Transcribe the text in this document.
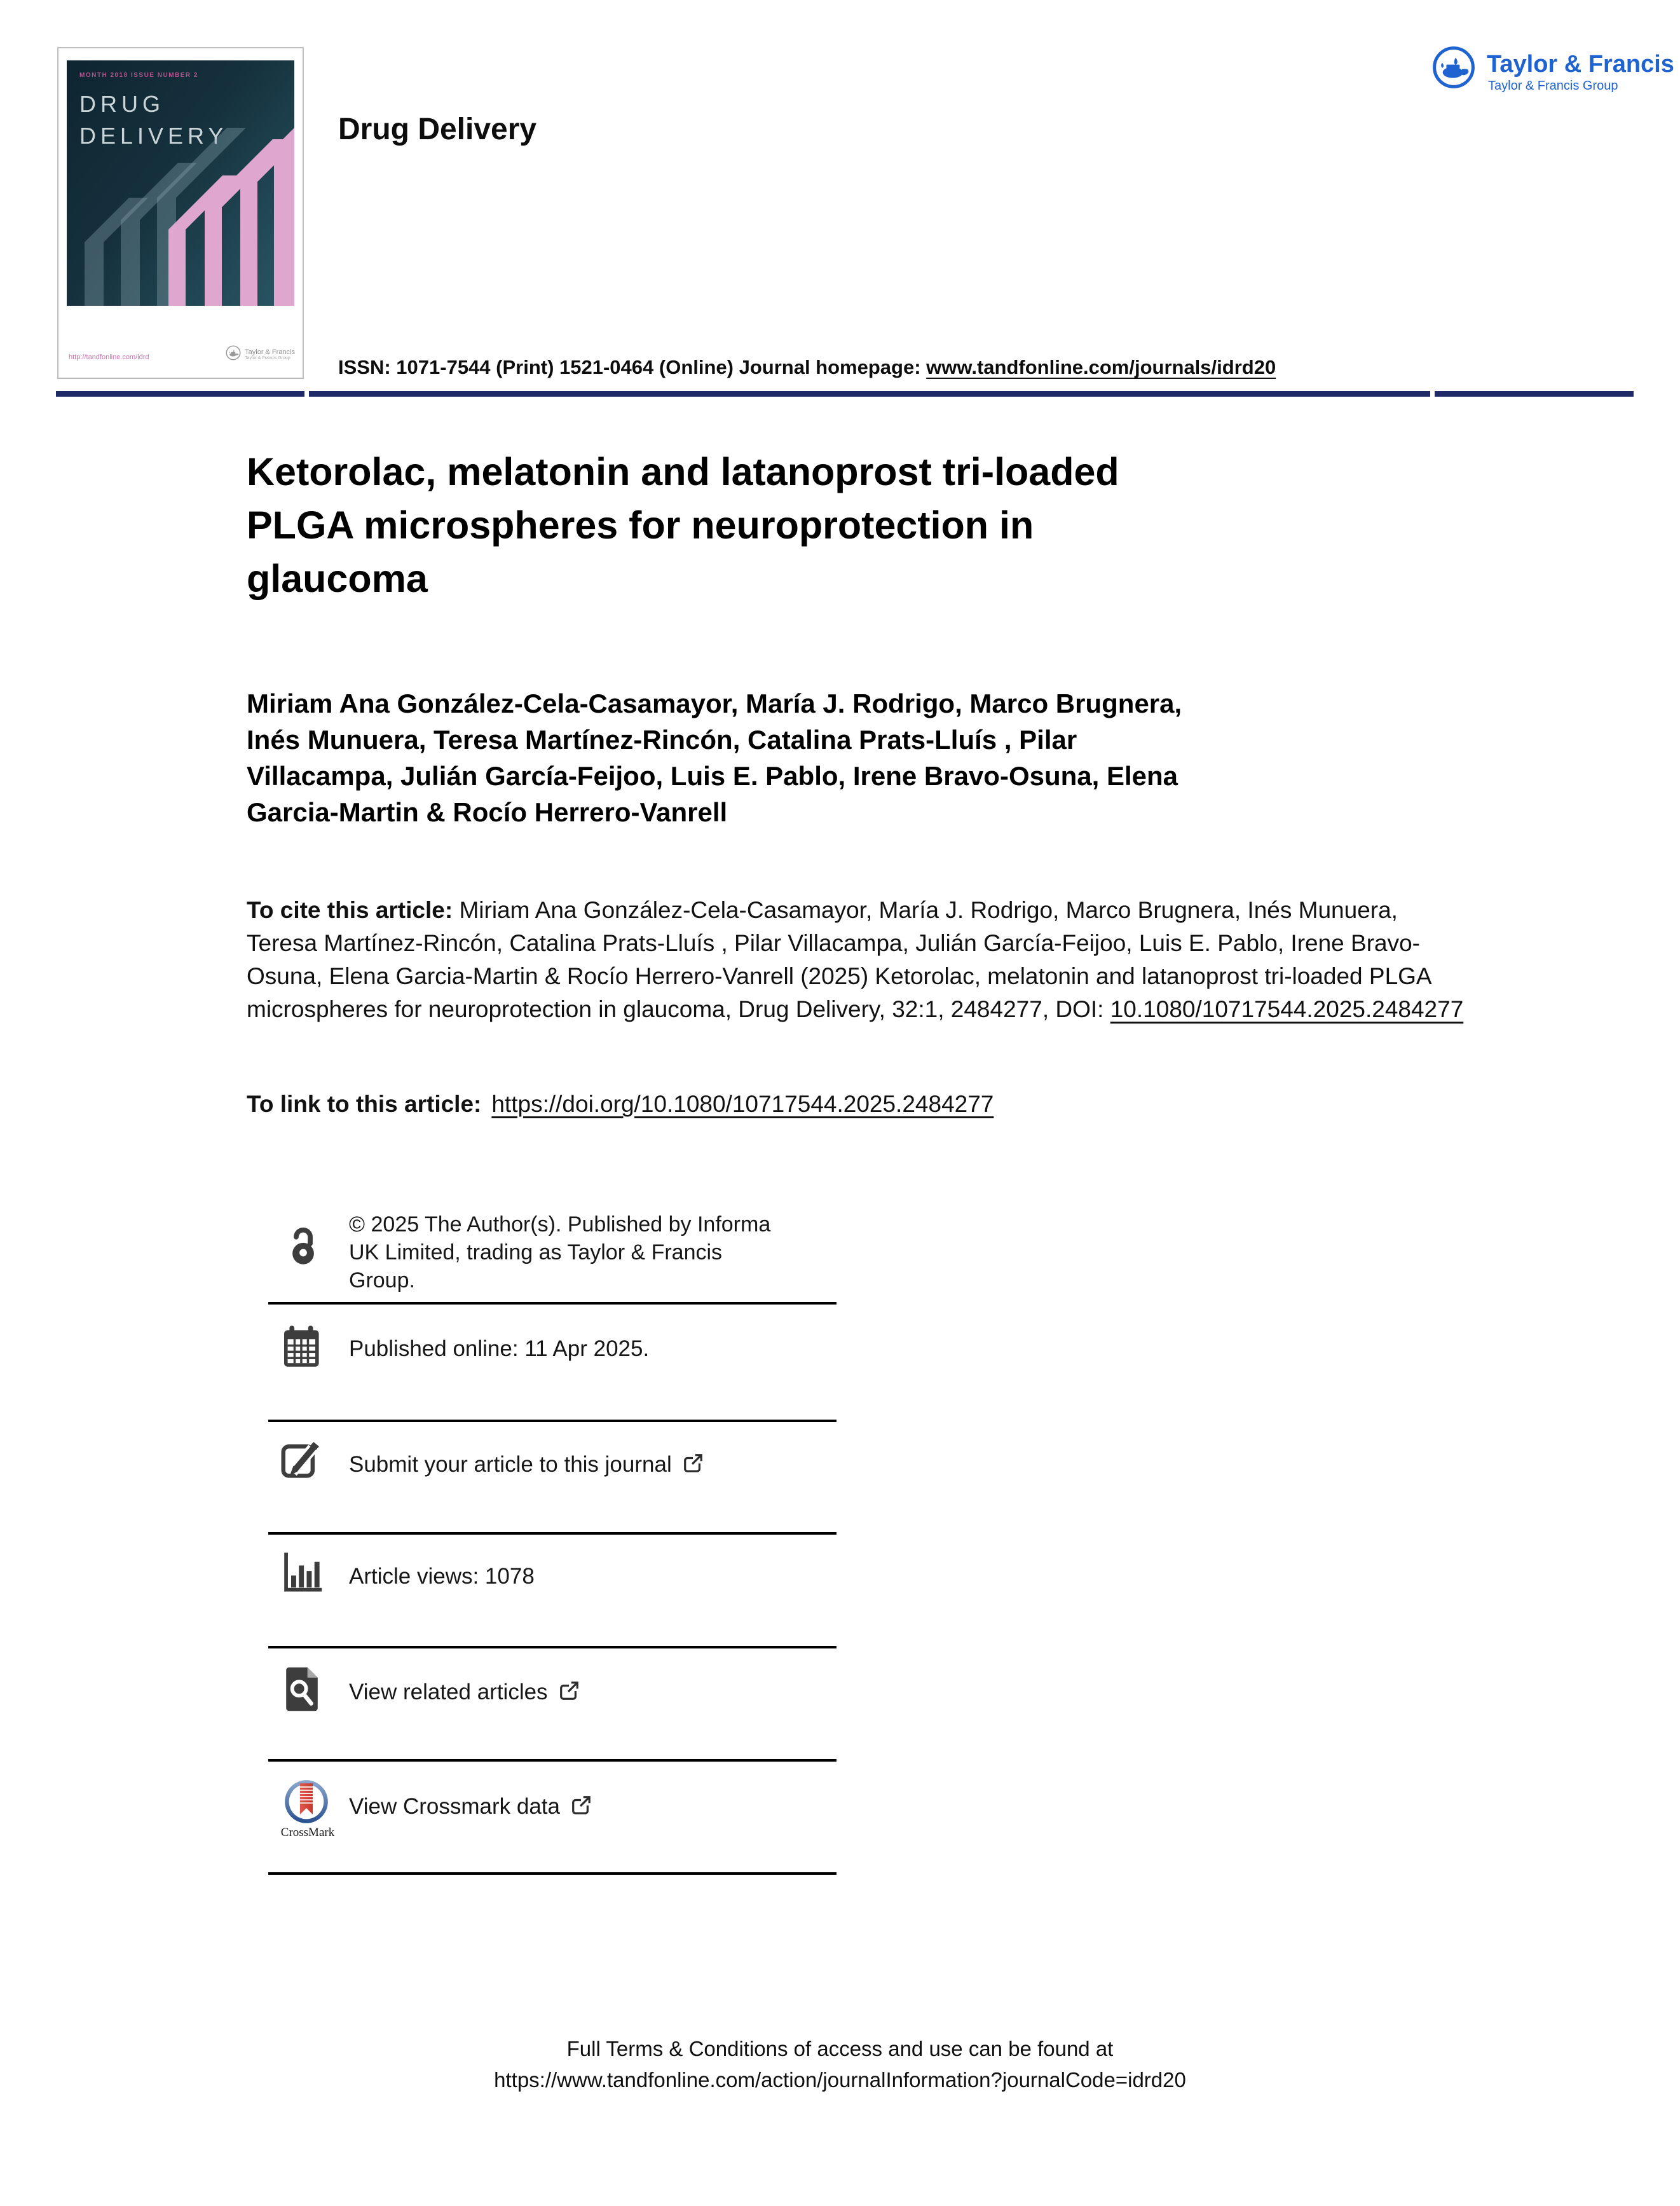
MONTH 2018 ISSUE NUMBER 2
DRUG
DELIVERY
http://tandfonline.com/idrd
Taylor & Francis
Taylor & Francis Group
Taylor & Francis
Taylor & Francis Group
Drug Delivery
ISSN: 1071-7544 (Print) 1521-0464 (Online) Journal homepage: www.tandfonline.com/journals/idrd20
Ketorolac, melatonin and latanoprost tri-loaded
PLGA microspheres for neuroprotection in
glaucoma
Miriam Ana González-Cela-Casamayor, María J. Rodrigo, Marco Brugnera,
Inés Munuera, Teresa Martínez-Rincón, Catalina Prats-Lluís , Pilar
Villacampa, Julián García-Feijoo, Luis E. Pablo, Irene Bravo-Osuna, Elena
Garcia-Martin & Rocío Herrero-Vanrell

To cite this article: Miriam Ana González-Cela-Casamayor, María J. Rodrigo, Marco Brugnera, Inés Munuera, Teresa Martínez-Rincón, Catalina Prats-Lluís , Pilar Villacampa, Julián García-Feijoo, Luis E. Pablo, Irene Bravo-Osuna, Elena Garcia-Martin & Rocío Herrero-Vanrell (2025) Ketorolac, melatonin and latanoprost tri-loaded PLGA microspheres for neuroprotection in glaucoma, Drug Delivery, 32:1, 2484277, DOI: 10.1080/10717544.2025.2484277

To link to this article: https://doi.org/10.1080/10717544.2025.2484277

© 2025 The Author(s). Published by Informa
UK Limited, trading as Taylor & Francis
Group.
Published online: 11 Apr 2025.
Submit your article to this journal
Article views: 1078
View related articles
CrossMark
View Crossmark data
Full Terms & Conditions of access and use can be found at
https://www.tandfonline.com/action/journalInformation?journalCode=idrd20
